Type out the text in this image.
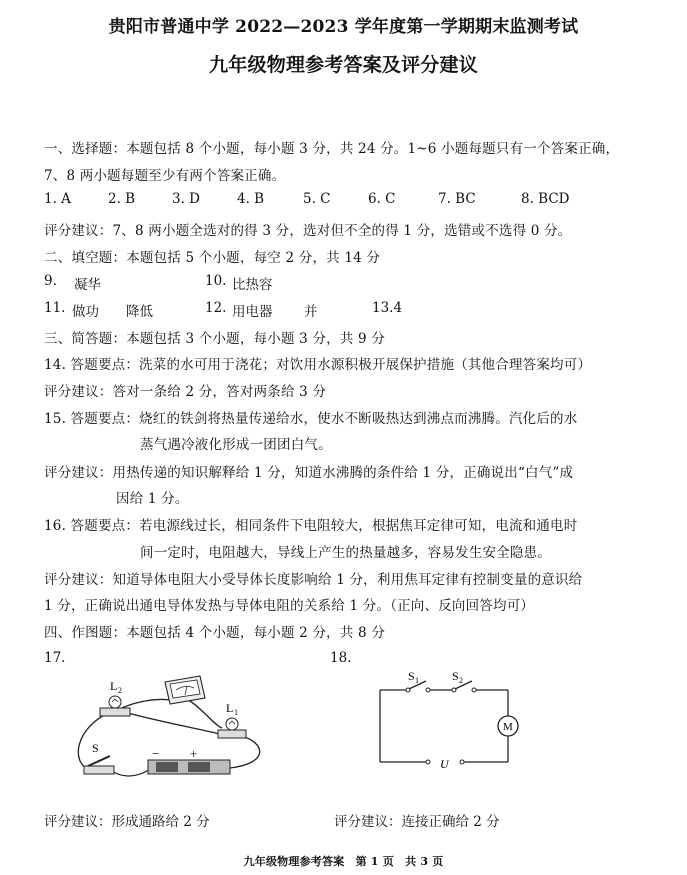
贵阳市普通中学 2022—2023 学年度第一学期期末监测考试
九年级物理参考答案及评分建议
一、选择题：本题包括 8 个小题，每小题 3 分，共 24 分。1~6 小题每题只有一个答案正确，
7、8 两小题每题至少有两个答案正确。
1. A	2. B	3. D	4. B	5. C	6. C	7. BC	8. BCD
评分建议：7、8 两小题全选对的得 3 分，选对但不全的得 1 分，选错或不选得 0 分。
二、填空题：本题包括 5 个小题，每空 2 分，共 14 分
9. 凝华	10. 比热容
11. 做功 降低	12. 用电器 并	13.4
三、简答题：本题包括 3 个小题，每小题 3 分，共 9 分
14. 答题要点：洗菜的水可用于浇花；对饮用水源积极开展保护措施（其他合理答案均可）
评分建议：答对一条给 2 分，答对两条给 3 分
15. 答题要点：烧红的铁剑将热量传递给水，使水不断吸热达到沸点而沸腾。汽化后的水
蒸气遇冷液化形成一团团白气。
评分建议：用热传递的知识解释给 1 分，知道水沸腾的条件给 1 分，正确说出“白气”成
因给 1 分。
16. 答题要点：若电源线过长，相同条件下电阻较大，根据焦耳定律可知，电流和通电时
间一定时，电阻越大，导线上产生的热量越多，容易发生安全隐患。
评分建议：知道导体电阻大小受导体长度影响给 1 分，利用焦耳定律有控制变量的意识给
1 分，正确说出通电导体发热与导体电阻的关系给 1 分。（正向、反向回答均可）
四、作图题：本题包括 4 个小题，每小题 2 分，共 8 分
17.	18.
L 2
L 1
S	− +
S 1	S 2
M
U
评分建议：形成通路给 2 分	评分建议：连接正确给 2 分
九年级物理参考答案　第 1 页　共 3 页
